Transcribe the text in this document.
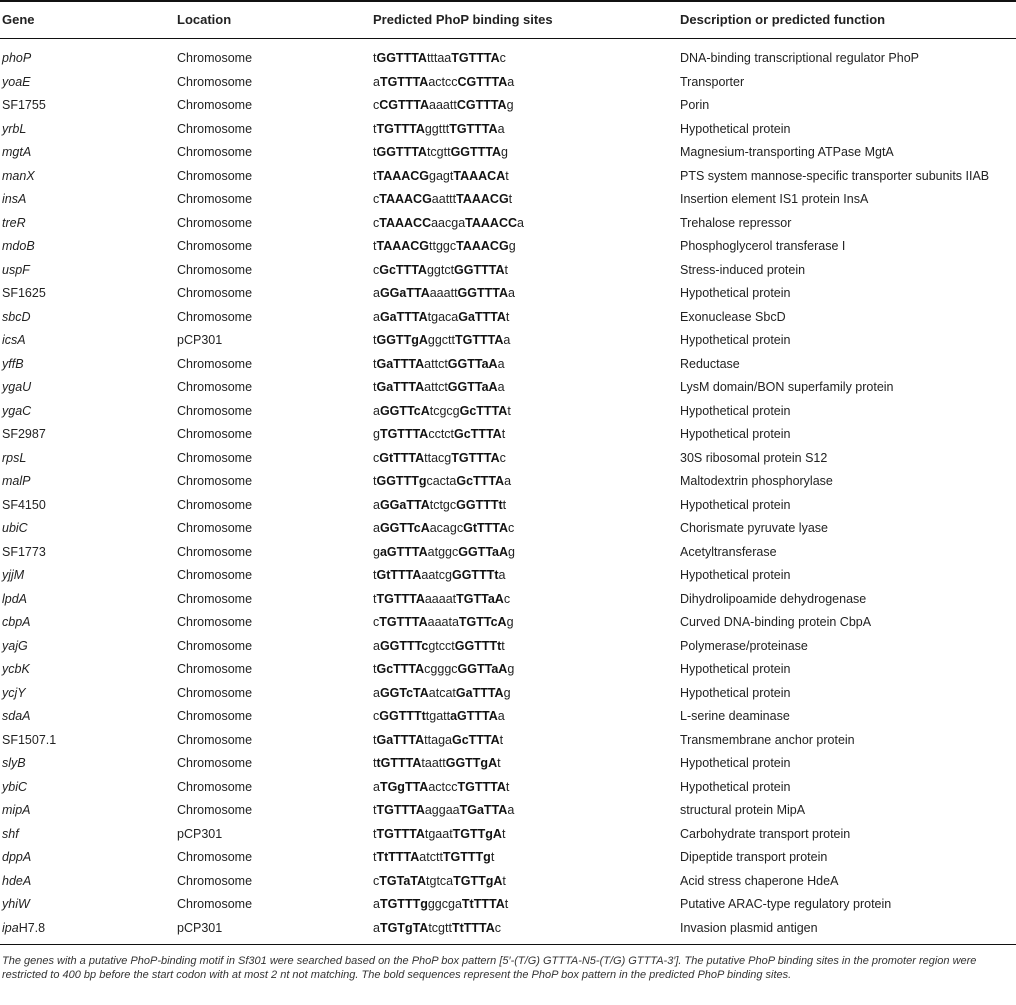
Gene	Location	Predicted PhoP binding sites	Description or predicted function
phoP	Chromosome	tGGTTTAtttaaTGTTTAc	DNA-binding transcriptional regulator PhoP
yoaE	Chromosome	aTGTTTAactccCGTTTAa	Transporter
SF1755	Chromosome	cCGTTTAaaattCGTTTAg	Porin
yrbL	Chromosome	tTGTTTAggtttTGTTTAa	Hypothetical protein
mgtA	Chromosome	tGGTTTAtcgttGGTTTAg	Magnesium-transporting ATPase MgtA
manX	Chromosome	tTAAACGgagtTAAACAt	PTS system mannose-specific transporter subunits IIAB
insA	Chromosome	cTAAACGaatttTAAACGt	Insertion element IS1 protein InsA
treR	Chromosome	cTAAACCaacgaTAAACCa	Trehalose repressor
mdoB	Chromosome	tTAAACGttggcTAAACGg	Phosphoglycerol transferase I
uspF	Chromosome	cGcTTTAggtctGGTTTAt	Stress-induced protein
SF1625	Chromosome	aGGaTTAaaattGGTTTAa	Hypothetical protein
sbcD	Chromosome	aGaTTTAtgacaGaTTTAt	Exonuclease SbcD
icsA	pCP301	tGGTTgAggcttTGTTTAa	Hypothetical protein
yffB	Chromosome	tGaTTTAattctGGTTaAa	Reductase
ygaU	Chromosome	tGaTTTAattctGGTTaAa	LysM domain/BON superfamily protein
ygaC	Chromosome	aGGTTcAtcgcgGcTTTAt	Hypothetical protein
SF2987	Chromosome	gTGTTTAcctctGcTTTAt	Hypothetical protein
rpsL	Chromosome	cGtTTTAttacgTGTTTAc	30S ribosomal protein S12
malP	Chromosome	tGGTTTgcactaGcTTTAa	Maltodextrin phosphorylase
SF4150	Chromosome	aGGaTTAtctgcGGTTTtt	Hypothetical protein
ubiC	Chromosome	aGGTTcAacagcGtTTTAc	Chorismate pyruvate lyase
SF1773	Chromosome	gaGTTTAatggcGGTTaAg	Acetyltransferase
yjjM	Chromosome	tGtTTTAaatcgGGTTTta	Hypothetical protein
lpdA	Chromosome	tTGTTTAaaaatTGTTaAc	Dihydrolipoamide dehydrogenase
cbpA	Chromosome	cTGTTTAaaataTGTTcAg	Curved DNA-binding protein CbpA
yajG	Chromosome	aGGTTTcgtcctGGTTTtt	Polymerase/proteinase
ycbK	Chromosome	tGcTTTAcgggcGGTTaAg	Hypothetical protein
ycjY	Chromosome	aGGTcTAatcatGaTTTAg	Hypothetical protein
sdaA	Chromosome	cGGTTTttgattaGTTTAa	L-serine deaminase
SF1507.1	Chromosome	tGaTTTAttagaGcTTTAt	Transmembrane anchor protein
slyB	Chromosome	ttGTTTAtaattGGTTgAt	Hypothetical protein
ybiC	Chromosome	aTGgTTAactccTGTTTAt	Hypothetical protein
mipA	Chromosome	tTGTTTAaggaaTGaTTAa	structural protein MipA
shf	pCP301	tTGTTTAtgaatTGTTgAt	Carbohydrate transport protein
dppA	Chromosome	tTtTTTAatcttTGTTTgt	Dipeptide transport protein
hdeA	Chromosome	cTGTaTAtgtcaTGTTgAt	Acid stress chaperone HdeA
yhiW	Chromosome	aTGTTTgggcgaTtTTTAt	Putative ARAC-type regulatory protein
ipaH7.8	pCP301	aTGTgTAtcgttTtTTTAc	Invasion plasmid antigen
The genes with a putative PhoP-binding motif in Sf301 were searched based on the PhoP box pattern [5′-(T/G) GTTTA-N5-(T/G) GTTTA-3′]. The putative PhoP binding sites in the promoter region were restricted to 400 bp before the start codon with at most 2 nt not matching. The bold sequences represent the PhoP box pattern in the predicted PhoP binding sites.
